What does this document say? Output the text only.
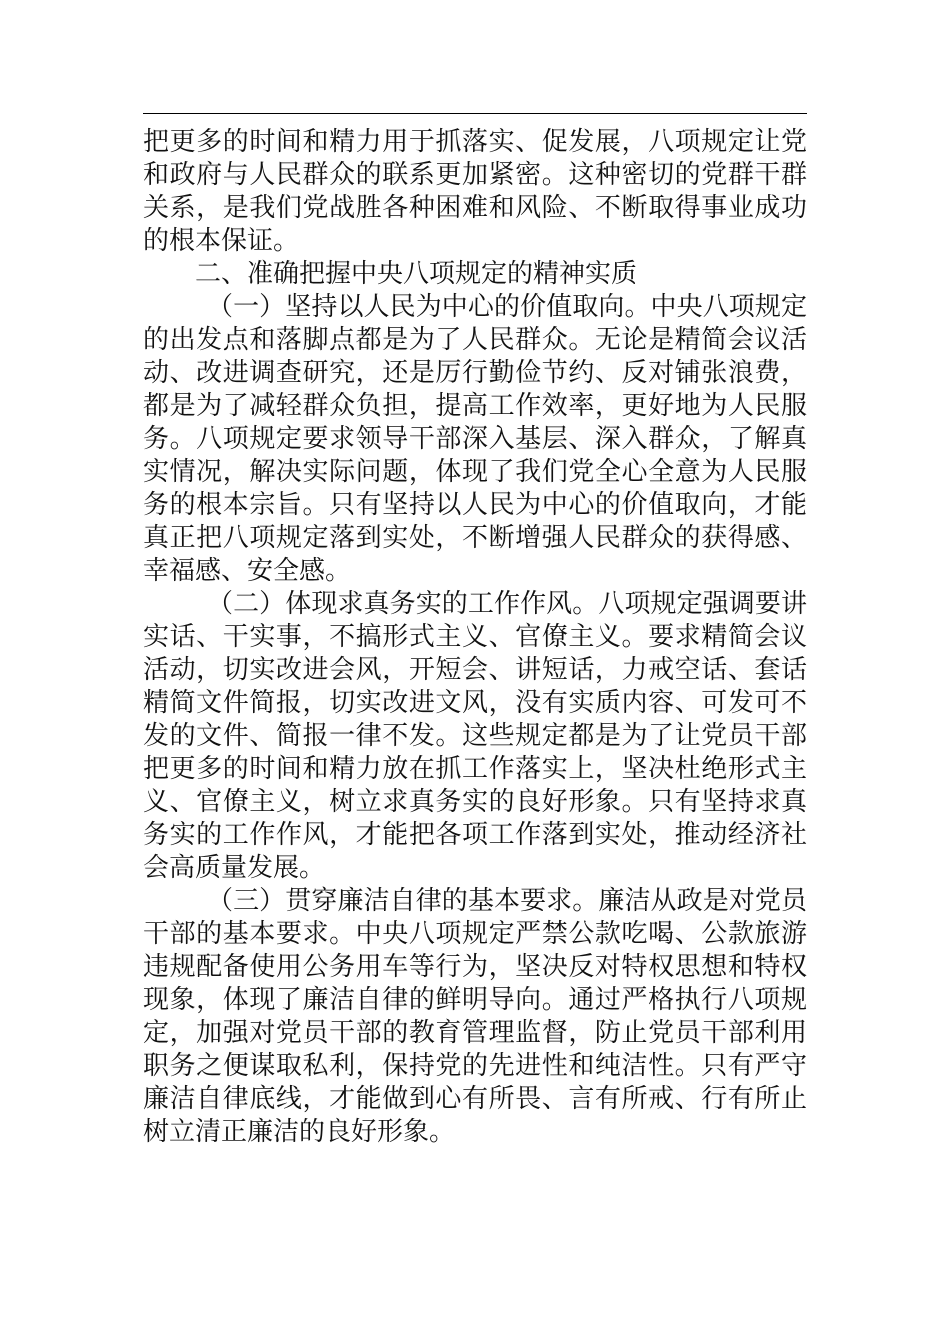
把更多的时间和精力用于抓落实、促发展，八项规定让党和政府与人民群众的联系更加紧密。这种密切的党群干群关系，是我们党战胜各种困难和风险、不断取得事业成功的根本保证。

二、准确把握中央八项规定的精神实质

（一）坚持以人民为中心的价值取向。中央八项规定的出发点和落脚点都是为了人民群众。无论是精简会议活动、改进调查研究，还是厉行勤俭节约、反对铺张浪费，都是为了减轻群众负担，提高工作效率，更好地为人民服务。八项规定要求领导干部深入基层、深入群众，了解真实情况，解决实际问题，体现了我们党全心全意为人民服务的根本宗旨。只有坚持以人民为中心的价值取向，才能真正把八项规定落到实处，不断增强人民群众的获得感、幸福感、安全感。

（二）体现求真务实的工作作风。八项规定强调要讲实话、干实事，不搞形式主义、官僚主义。要求精简会议活动，切实改进会风，开短会、讲短话，力戒空话、套话精简文件简报，切实改进文风，没有实质内容、可发可不发的文件、简报一律不发。这些规定都是为了让党员干部把更多的时间和精力放在抓工作落实上，坚决杜绝形式主义、官僚主义，树立求真务实的良好形象。只有坚持求真务实的工作作风，才能把各项工作落到实处，推动经济社会高质量发展。

（三）贯穿廉洁自律的基本要求。廉洁从政是对党员干部的基本要求。中央八项规定严禁公款吃喝、公款旅游违规配备使用公务用车等行为，坚决反对特权思想和特权现象，体现了廉洁自律的鲜明导向。通过严格执行八项规定，加强对党员干部的教育管理监督，防止党员干部利用职务之便谋取私利，保持党的先进性和纯洁性。只有严守廉洁自律底线，才能做到心有所畏、言有所戒、行有所止树立清正廉洁的良好形象。
